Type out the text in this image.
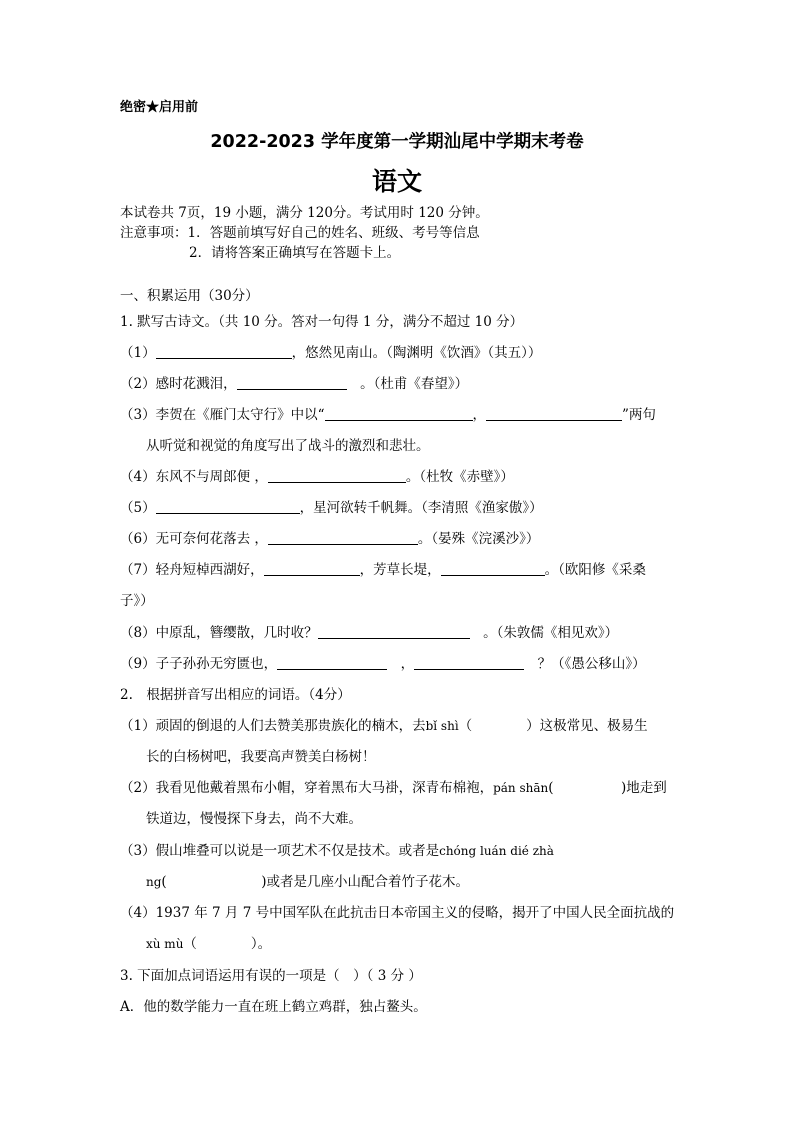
绝密★启用前
2022-2023 学年度第一学期汕尾中学期末考卷
语文
本试卷共 7页，19 小题，满分 120分。考试用时 120 分钟。
注意事项：1．答题前填写好自己的姓名、班级、考号等信息
2．请将答案正确填写在答题卡上。
一、积累运用（30分）
1. 默写古诗文。（共 10 分。答对一句得 1 分，满分不超过 10 分）
（1）	，悠然见南山。（陶渊明《饮酒》（其五））
（2）感时花溅泪，　	。（杜甫《春望》）
（3）李贺在《雁门太守行》中以“	，	”两句
从听觉和视觉的角度写出了战斗的激烈和悲壮。
（4）东风不与周郎便 ，	。（杜牧《赤壁》）
（5）	，星河欲转千帆舞。（李清照《渔家傲》）
（6）无可奈何花落去 ，	。（晏殊《浣溪沙》）
（7）轻舟短棹西湖好，	，芳草长堤，	。（欧阳修《采桑
子》）
（8）中原乱，簪缨散，几时收？　	。（朱敦儒《相见欢》）
（9）子子孙孙无穷匮也，　	，　	？（《愚公移山》）
2.　根据拼音写出相应的词语。（4分）
（1）顽固的倒退的人们去赞美那贵族化的楠木，去bǐ shì（　　　　）这极常见、极易生
长的白杨树吧，我要高声赞美白杨树！
（2）我看见他戴着黑布小帽，穿着黑布大马褂，深青布棉袍，pán shān(　　　　　)地走到
铁道边，慢慢探下身去，尚不大难。
（3）假山堆叠可以说是一项艺术不仅是技术。或者是chóng luán dié zhà
ng(　　　　　　　)或者是几座小山配合着竹子花木。
（4）1937 年 7 月 7 号中国军队在此抗击日本帝国主义的侵略，揭开了中国人民全面抗战的
xù mù（　　　　）。
3. 下面加点词语运用有误的一项是（　）（ 3 分 ）
A．他的数学能力一直在班上鹤立鸡群，独占鳌头。
